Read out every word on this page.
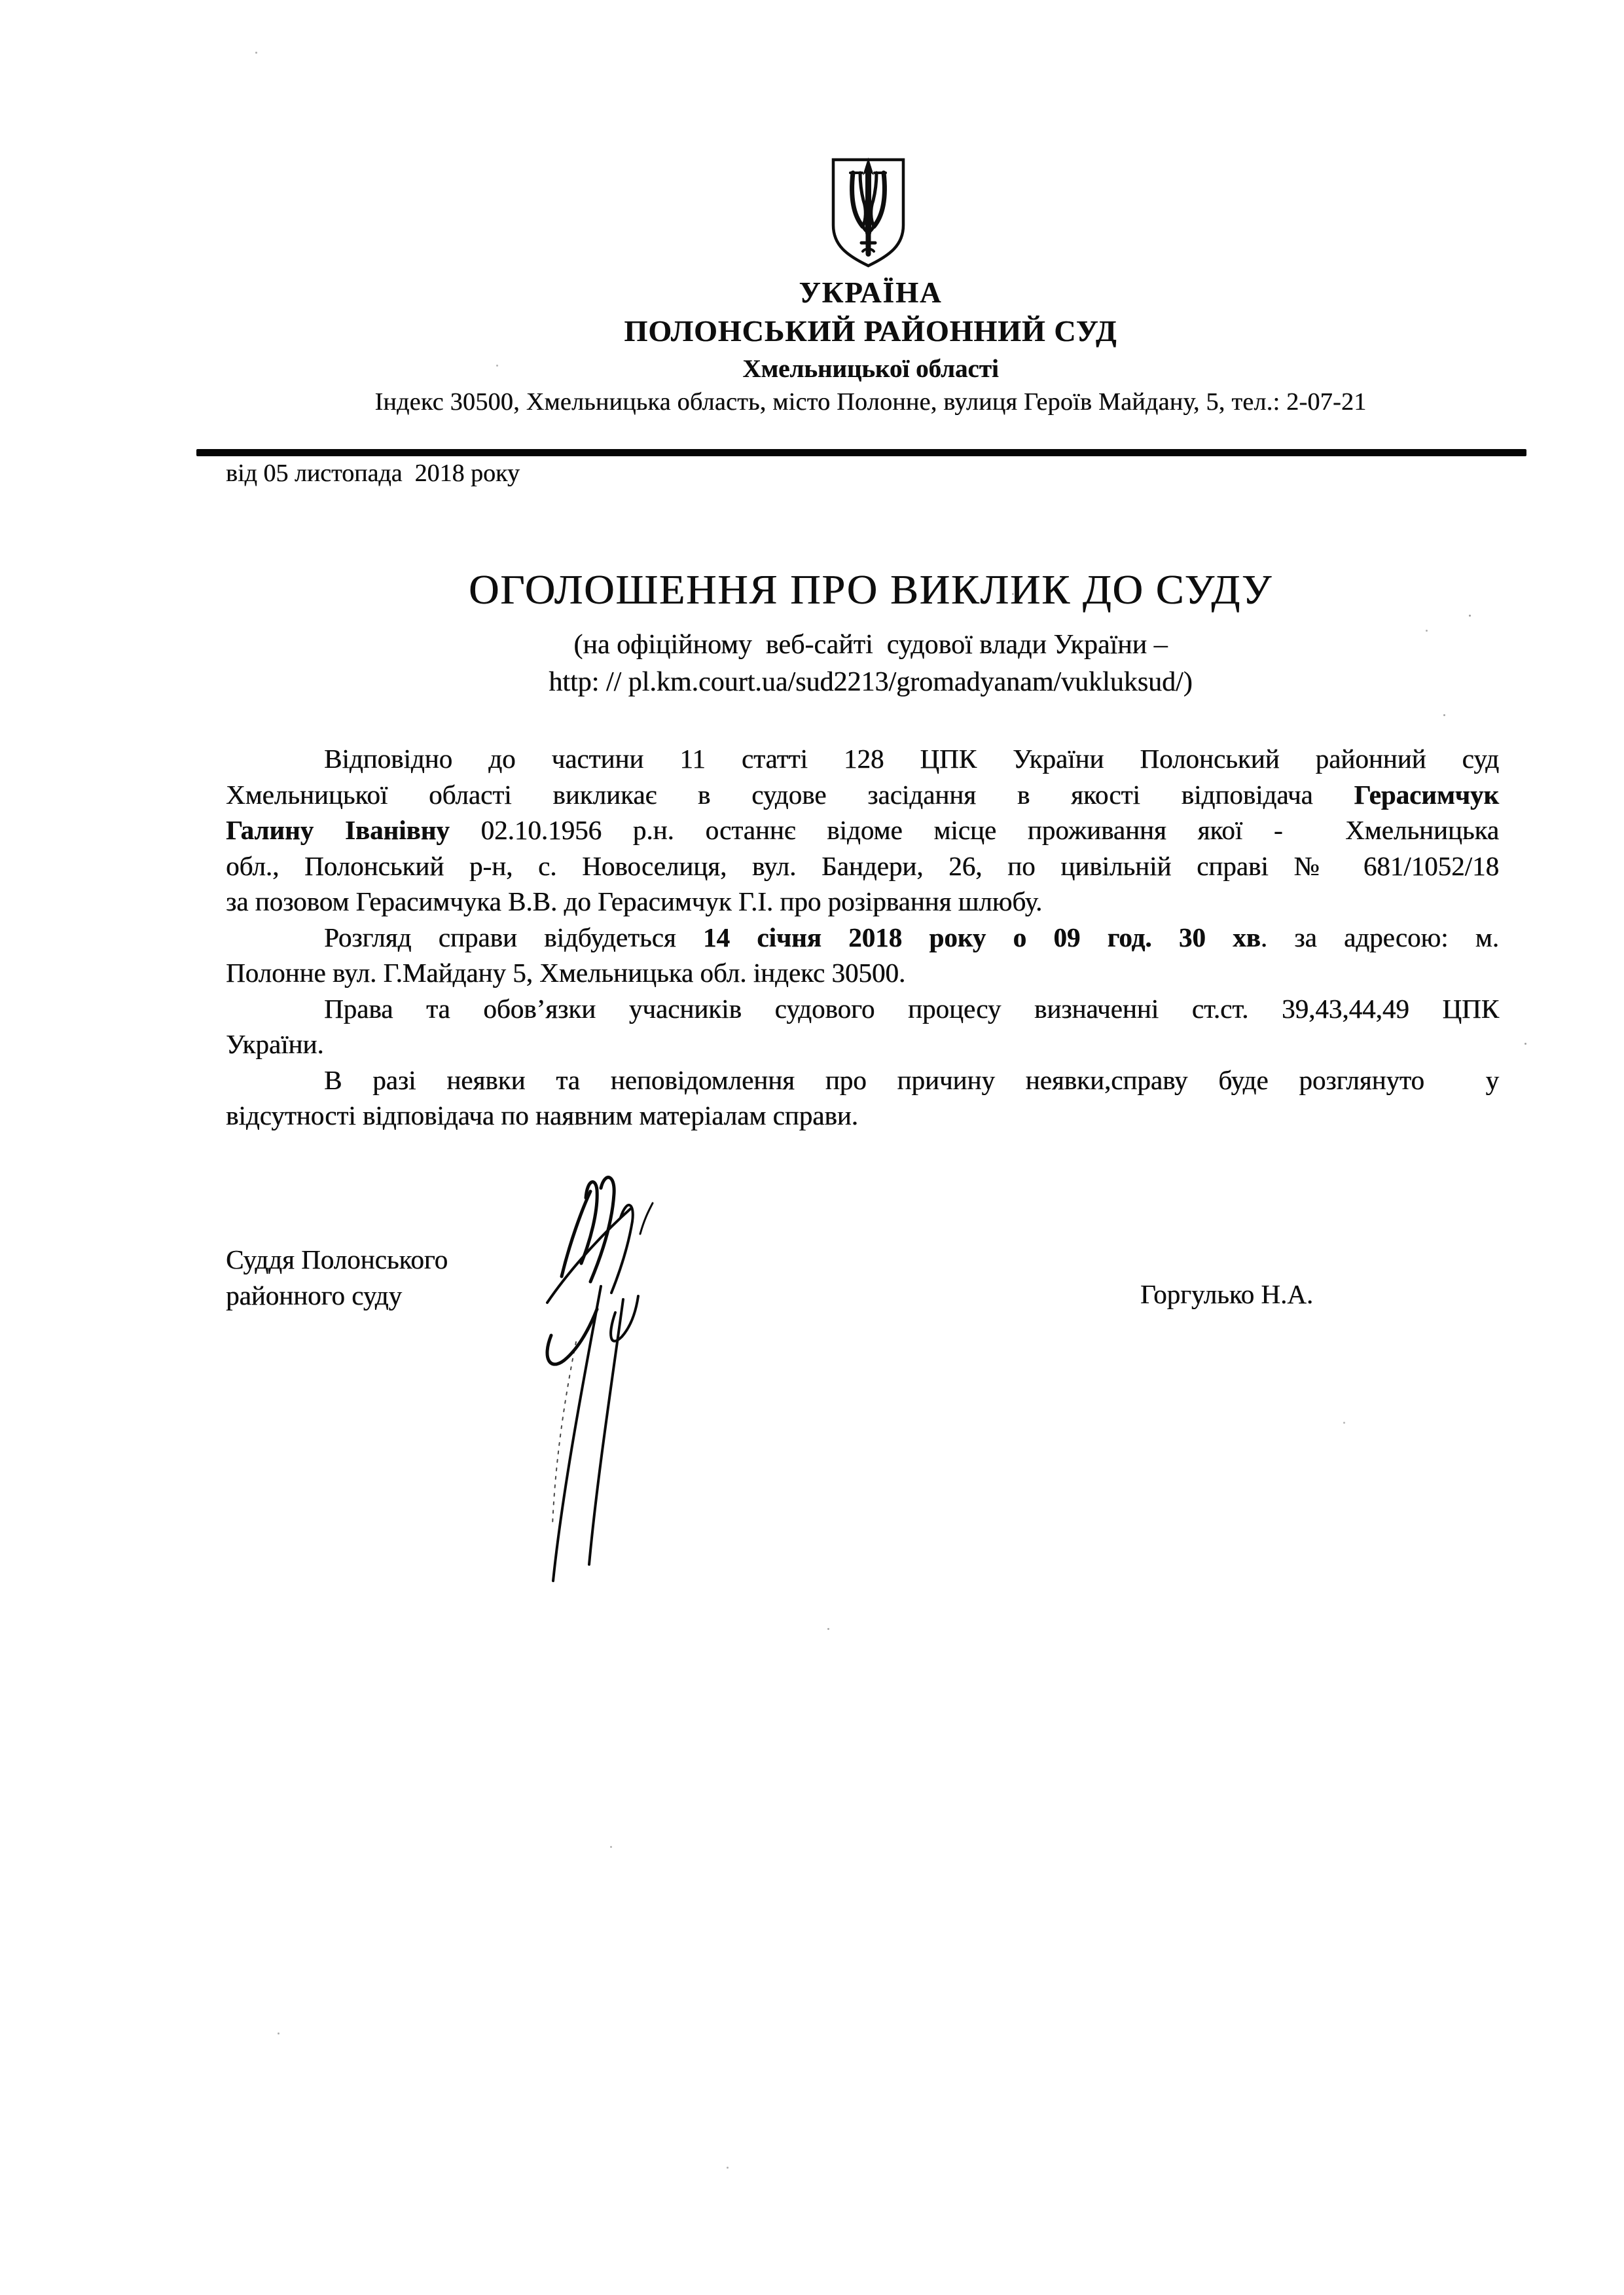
УКРАЇНА
ПОЛОНСЬКИЙ РАЙОННИЙ СУД
Хмельницької області
Індекс 30500, Хмельницька область, місто Полонне, вулиця Героїв Майдану, 5, тел.: 2-07-21
від 05 листопада  2018 року
ОГОЛОШЕННЯ ПРО ВИКЛИК ДО СУДУ
(на офіційному  веб-сайті  судової влади України –
http: // pl.km.court.ua/sud2213/gromadyanam/vukluksud/)
Відповідно до частини 11 статті 128 ЦПК України Полонський районний суд
Хмельницької області викликає в судове засідання в якості відповідача Герасимчук
Галину Іванівну 02.10.1956 р.н. останнє відоме місце проживання якої -  Хмельницька
обл., Полонський р-н, с. Новоселиця, вул. Бандери, 26, по цивільній справі № 681/1052/18
за позовом Герасимчука В.В. до Герасимчук Г.І. про розірвання шлюбу.
Розгляд справи відбудеться 14 січня 2018 року о 09 год. 30 хв. за адресою: м.
Полонне вул. Г.Майдану 5, Хмельницька обл. індекс 30500.
Права та обов’язки учасників судового процесу визначенні ст.ст. 39,43,44,49 ЦПК
України.
В разі неявки та неповідомлення про причину неявки,справу буде розглянуто  у
відсутності відповідача по наявним матеріалам справи.
Суддя Полонського
районного суду	Горгулько Н.А.
